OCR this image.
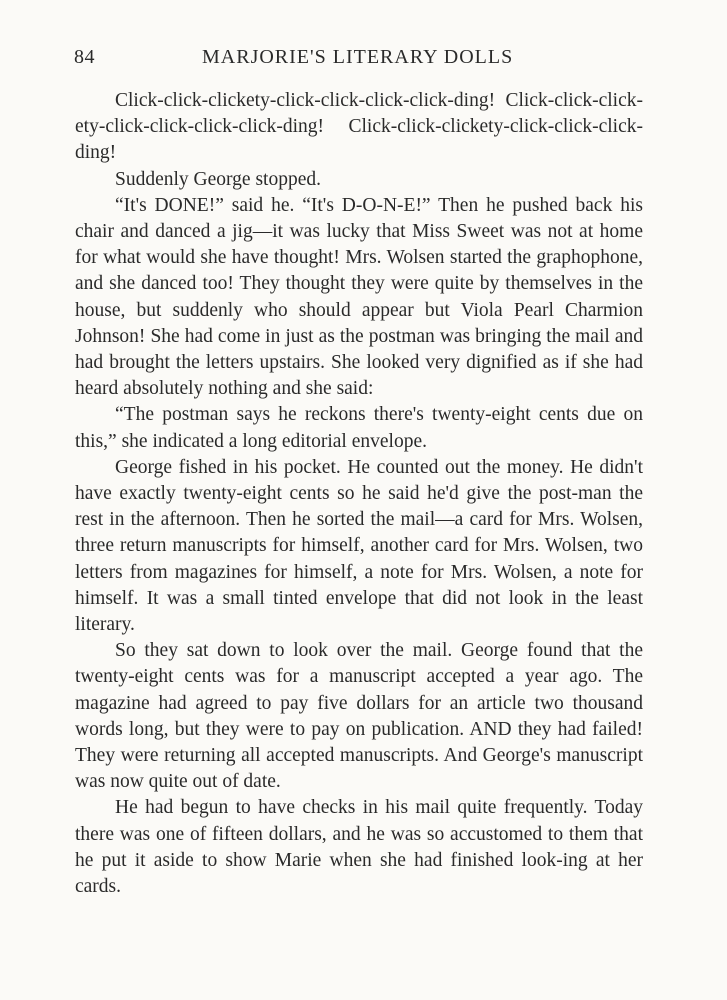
84	MARJORIE'S LITERARY DOLLS

Click-click-clickety-click-click-click-click-ding! Click-click-click-ety-click-click-click-click-ding! Click-click-clickety-click-click-click-ding!

Suddenly George stopped.

“It's DONE!” said he. “It's D-O-N-E!” Then he pushed back his chair and danced a jig—it was lucky that Miss Sweet was not at home for what would she have thought! Mrs. Wolsen started the graphophone, and she danced too! They thought they were quite by themselves in the house, but suddenly who should appear but Viola Pearl Charmion Johnson! She had come in just as the postman was bringing the mail and had brought the letters upstairs. She looked very dignified as if she had heard absolutely nothing and she said:

“The postman says he reckons there's twenty-eight cents due on this,” she indicated a long editorial envelope.

George fished in his pocket. He counted out the money. He didn't have exactly twenty-eight cents so he said he'd give the post-man the rest in the afternoon. Then he sorted the mail—a card for Mrs. Wolsen, three return manuscripts for himself, another card for Mrs. Wolsen, two letters from magazines for himself, a note for Mrs. Wolsen, a note for himself. It was a small tinted envelope that did not look in the least literary.

So they sat down to look over the mail. George found that the twenty-eight cents was for a manuscript accepted a year ago. The magazine had agreed to pay five dollars for an article two thousand words long, but they were to pay on publication. AND they had failed! They were returning all accepted manuscripts. And George's manuscript was now quite out of date.

He had begun to have checks in his mail quite frequently. Today there was one of fifteen dollars, and he was so accustomed to them that he put it aside to show Marie when she had finished look-ing at her cards.
